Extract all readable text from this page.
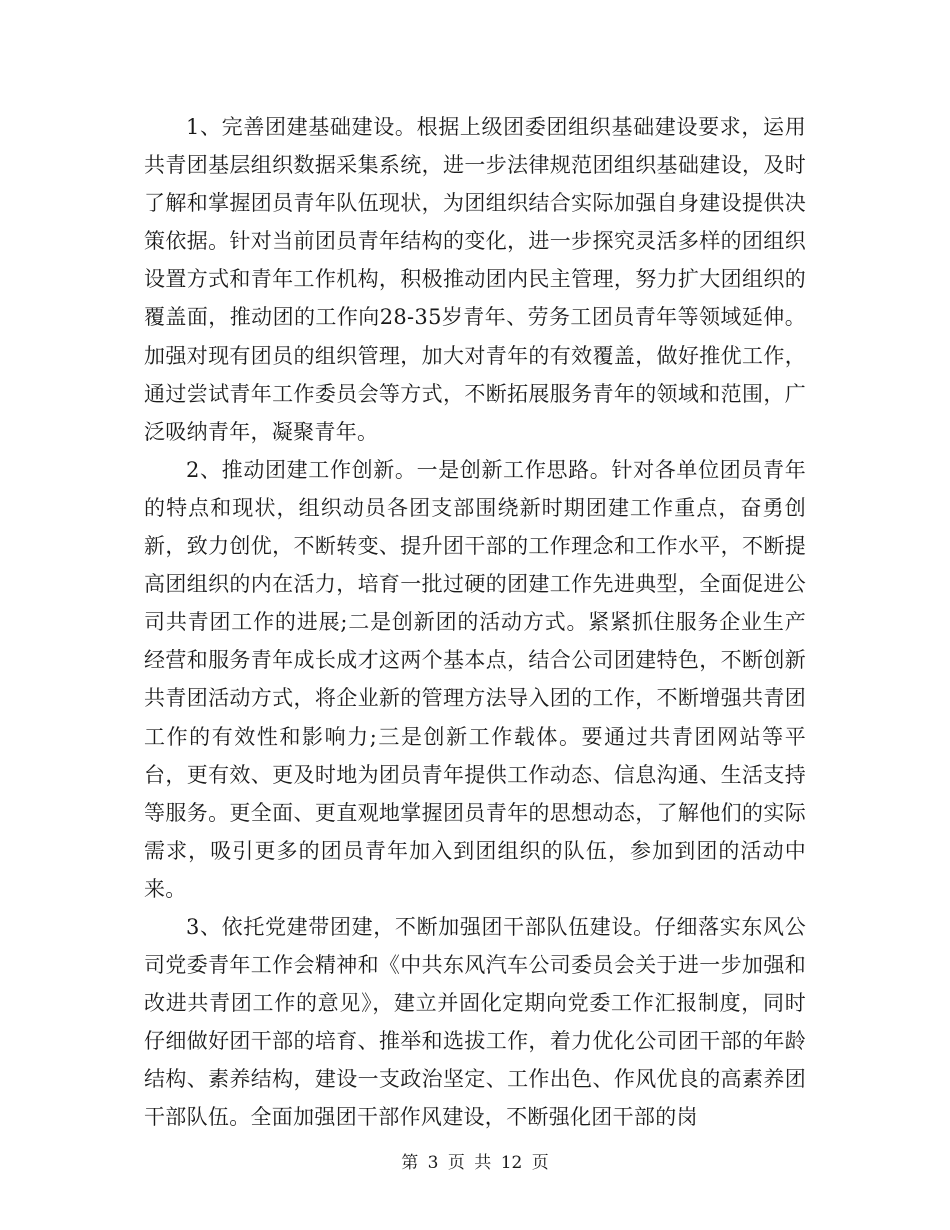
1、完善团建基础建设。根据上级团委团组织基础建设要求，运用共青团基层组织数据采集系统，进一步法律规范团组织基础建设，及时了解和掌握团员青年队伍现状，为团组织结合实际加强自身建设提供决策依据。针对当前团员青年结构的变化，进一步探究灵活多样的团组织设置方式和青年工作机构，积极推动团内民主管理，努力扩大团组织的覆盖面，推动团的工作向28-35岁青年、劳务工团员青年等领域延伸。加强对现有团员的组织管理，加大对青年的有效覆盖，做好推优工作，通过尝试青年工作委员会等方式，不断拓展服务青年的领域和范围，广泛吸纳青年，凝聚青年。

2、推动团建工作创新。一是创新工作思路。针对各单位团员青年的特点和现状，组织动员各团支部围绕新时期团建工作重点，奋勇创新，致力创优，不断转变、提升团干部的工作理念和工作水平，不断提高团组织的内在活力，培育一批过硬的团建工作先进典型，全面促进公司共青团工作的进展;二是创新团的活动方式。紧紧抓住服务企业生产经营和服务青年成长成才这两个基本点，结合公司团建特色，不断创新共青团活动方式，将企业新的管理方法导入团的工作，不断增强共青团工作的有效性和影响力;三是创新工作载体。要通过共青团网站等平台，更有效、更及时地为团员青年提供工作动态、信息沟通、生活支持等服务。更全面、更直观地掌握团员青年的思想动态，了解他们的实际需求，吸引更多的团员青年加入到团组织的队伍，参加到团的活动中来。

3、依托党建带团建，不断加强团干部队伍建设。仔细落实东风公司党委青年工作会精神和《中共东风汽车公司委员会关于进一步加强和改进共青团工作的意见》，建立并固化定期向党委工作汇报制度，同时仔细做好团干部的培育、推举和选拔工作，着力优化公司团干部的年龄结构、素养结构，建设一支政治坚定、工作出色、作风优良的高素养团干部队伍。全面加强团干部作风建设，不断强化团干部的岗

第 3 页 共 12 页
